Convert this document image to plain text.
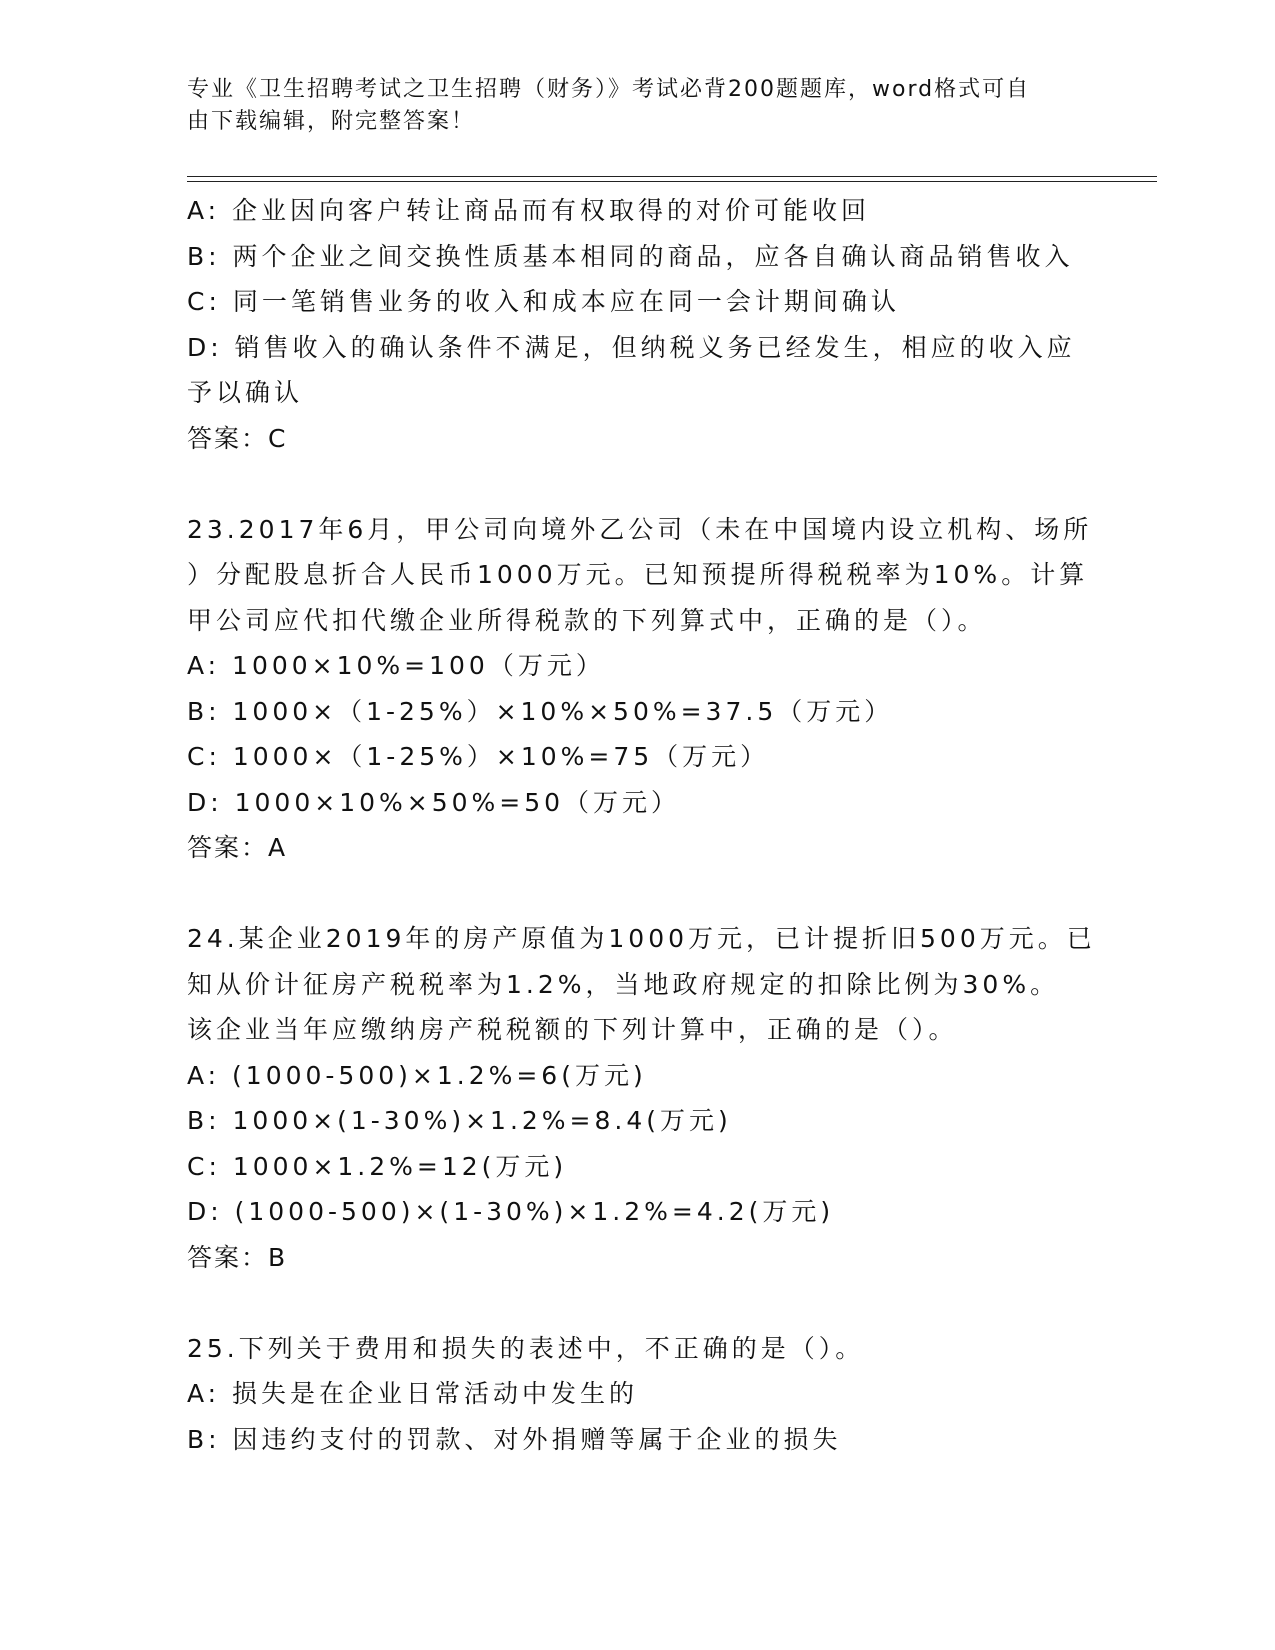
专业《卫生招聘考试之卫生招聘（财务）》考试必背200题题库，word格式可自
由下载编辑，附完整答案！
A: 企业因向客户转让商品而有权取得的对价可能收回
B: 两个企业之间交换性质基本相同的商品，应各自确认商品销售收入
C: 同一笔销售业务的收入和成本应在同一会计期间确认
D: 销售收入的确认条件不满足，但纳税义务已经发生，相应的收入应
予以确认
答案：C
23.2017年6月，甲公司向境外乙公司（未在中国境内设立机构、场所
）分配股息折合人民币1000万元。已知预提所得税税率为10%。计算
甲公司应代扣代缴企业所得税款的下列算式中，正确的是（）。
A: 1000×10%=100（万元）
B: 1000×（1-25%）×10%×50%=37.5（万元）
C: 1000×（1-25%）×10%=75（万元）
D: 1000×10%×50%=50（万元）
答案：A
24.某企业2019年的房产原值为1000万元，已计提折旧500万元。已
知从价计征房产税税率为1.2%，当地政府规定的扣除比例为30%。
该企业当年应缴纳房产税税额的下列计算中，正确的是（）。
A: (1000-500)×1.2%=6(万元)
B: 1000×(1-30%)×1.2%=8.4(万元)
C: 1000×1.2%=12(万元)
D: (1000-500)×(1-30%)×1.2%=4.2(万元)
答案：B
25.下列关于费用和损失的表述中，不正确的是（）。
A: 损失是在企业日常活动中发生的
B: 因违约支付的罚款、对外捐赠等属于企业的损失
